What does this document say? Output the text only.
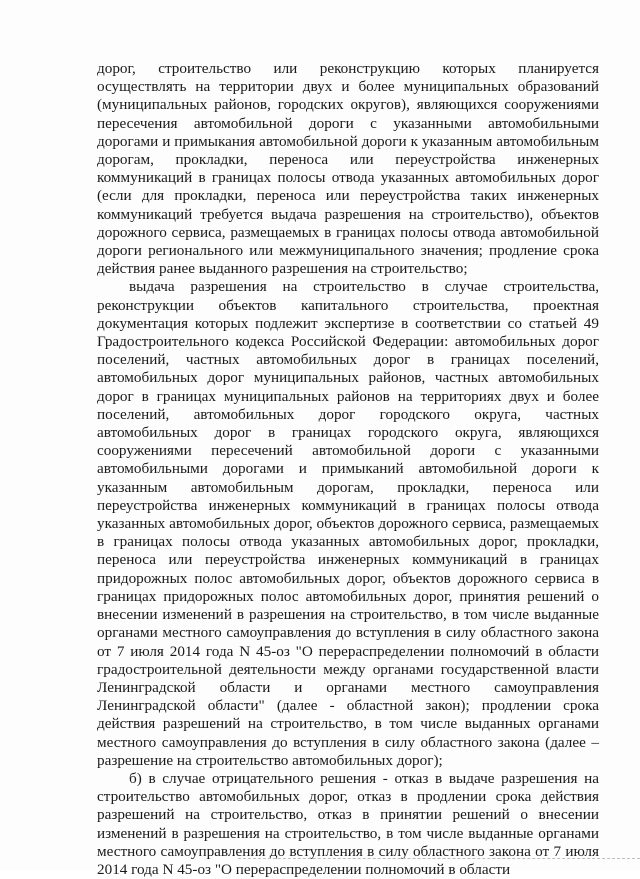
дорог, строительство или реконструкцию которых планируется осуществлять на территории двух и более муниципальных образований (муниципальных районов, городских округов), являющихся сооружениями пересечения автомобильной дороги с указанными автомобильными дорогами и примыкания автомобильной дороги к указанным автомобильным дорогам, прокладки, переноса или переустройства инженерных коммуникаций в границах полосы отвода указанных автомобильных дорог (если для прокладки, переноса или переустройства таких инженерных коммуникаций требуется выдача разрешения на строительство), объектов дорожного сервиса, размещаемых в границах полосы отвода автомобильной дороги регионального или межмуниципального значения; продление срока действия ранее выданного разрешения на строительство;

выдача разрешения на строительство в случае строительства, реконструкции объектов капитального строительства, проектная документация которых подлежит экспертизе в соответствии со статьей 49 Градостроительного кодекса Российской Федерации: автомобильных дорог поселений, частных автомобильных дорог в границах поселений, автомобильных дорог муниципальных районов, частных автомобильных дорог в границах муниципальных районов на территориях двух и более поселений, автомобильных дорог городского округа, частных автомобильных дорог в границах городского округа, являющихся сооружениями пересечений автомобильной дороги с указанными автомобильными дорогами и примыканий автомобильной дороги к указанным автомобильным дорогам, прокладки, переноса или переустройства инженерных коммуникаций в границах полосы отвода указанных автомобильных дорог, объектов дорожного сервиса, размещаемых в границах полосы отвода указанных автомобильных дорог, прокладки, переноса или переустройства инженерных коммуникаций в границах придорожных полос автомобильных дорог, объектов дорожного сервиса в границах придорожных полос автомобильных дорог, принятия решений о внесении изменений в разрешения на строительство, в том числе выданные органами местного самоуправления до вступления в силу областного закона от 7 июля 2014 года N 45-оз "О перераспределении полномочий в области градостроительной деятельности между органами государственной власти Ленинградской области и органами местного самоуправления Ленинградской области" (далее - областной закон); продлении срока действия разрешений на строительство, в том числе выданных органами местного самоуправления до вступления в силу областного закона (далее – разрешение на строительство автомобильных дорог);

б) в случае отрицательного решения - отказ в выдаче разрешения на строительство автомобильных дорог, отказ в продлении срока действия разрешений на строительство, отказ в принятии решений о внесении изменений в разрешения на строительство, в том числе выданные органами местного самоуправления до вступления в силу областного закона от 7 июля 2014 года N 45-оз "О перераспределении полномочий в области
